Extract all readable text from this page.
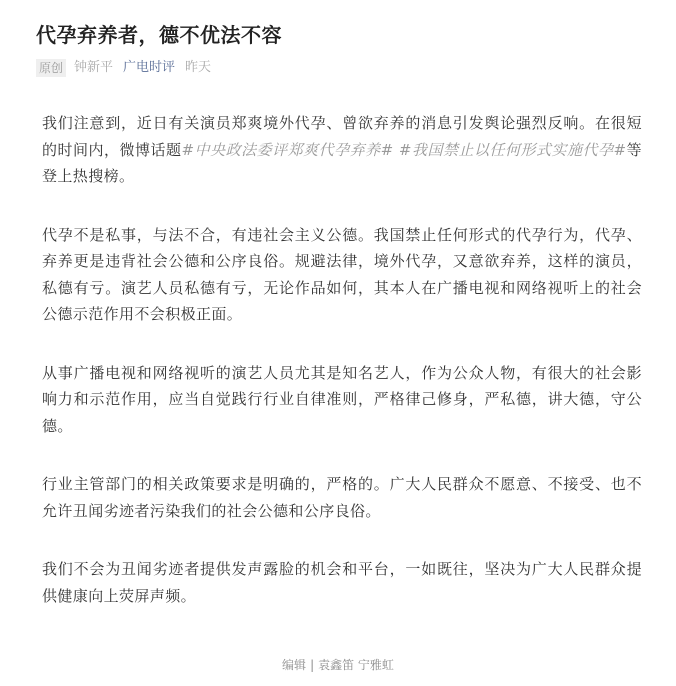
代孕弃养者，德不优法不容
原创 钟新平 广电时评 昨天

我们注意到，近日有关演员郑爽境外代孕、曾欲弃养的消息引发舆论强烈反响。在很短的时间内，微博话题#中央政法委评郑爽代孕弃养# #我国禁止以任何形式实施代孕#等登上热搜榜。

代孕不是私事，与法不合，有违社会主义公德。我国禁止任何形式的代孕行为，代孕、弃养更是违背社会公德和公序良俗。规避法律，境外代孕，又意欲弃养，这样的演员，私德有亏。演艺人员私德有亏，无论作品如何，其本人在广播电视和网络视听上的社会公德示范作用不会积极正面。

从事广播电视和网络视听的演艺人员尤其是知名艺人，作为公众人物，有很大的社会影响力和示范作用，应当自觉践行行业自律准则，严格律己修身，严私德，讲大德，守公德。

行业主管部门的相关政策要求是明确的，严格的。广大人民群众不愿意、不接受、也不允许丑闻劣迹者污染我们的社会公德和公序良俗。

我们不会为丑闻劣迹者提供发声露脸的机会和平台，一如既往，坚决为广大人民群众提供健康向上荧屏声频。

编辑 | 袁鑫笛 宁雅虹
